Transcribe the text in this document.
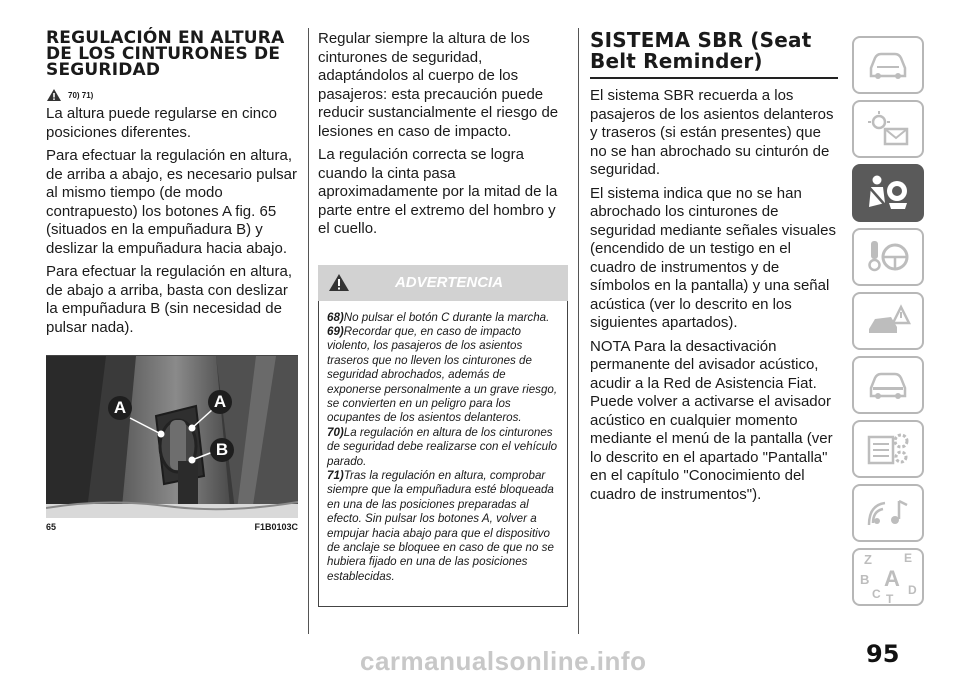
REGULACIÓN EN ALTURA DE LOS CINTURONES DE SEGURIDAD
70) 71)

La altura puede regularse en cinco posiciones diferentes.

Para efectuar la regulación en altura, de arriba a abajo, es necesario pulsar al mismo tiempo (de modo contrapuesto) los botones A fig. 65 (situados en la empuñadura B) y deslizar la empuñadura hacia abajo.

Para efectuar la regulación en altura, de abajo a arriba, basta con deslizar la empuñadura B (sin necesidad de pulsar nada).

A	A
B
65	F1B0103C

Regular siempre la altura de los cinturones de seguridad, adaptándolos al cuerpo de los pasajeros: esta precaución puede reducir sustancialmente el riesgo de lesiones en caso de impacto.

La regulación correcta se logra cuando la cinta pasa aproximadamente por la mitad de la parte entre el extremo del hombro y el cuello.

ADVERTENCIA

68)No pulsar el botón C durante la marcha.

69)Recordar que, en caso de impacto violento, los pasajeros de los asientos traseros que no lleven los cinturones de seguridad abrochados, además de exponerse personalmente a un grave riesgo, se convierten en un peligro para los ocupantes de los asientos delanteros.

70)La regulación en altura de los cinturones de seguridad debe realizarse con el vehículo parado.

71)Tras la regulación en altura, comprobar siempre que la empuñadura esté bloqueada en una de las posiciones preparadas al efecto. Sin pulsar los botones A, volver a empujar hacia abajo para que el dispositivo de anclaje se bloquee en caso de que no se hubiera fijado en una de las posiciones establecidas.

SISTEMA SBR (Seat Belt Reminder)

El sistema SBR recuerda a los pasajeros de los asientos delanteros y traseros (si están presentes) que no se han abrochado su cinturón de seguridad.

El sistema indica que no se han abrochado los cinturones de seguridad mediante señales visuales (encendido de un testigo en el cuadro de instrumentos y de símbolos en la pantalla) y una señal acústica (ver lo descrito en los siguientes apartados).

NOTA Para la desactivación permanente del avisador acústico, acudir a la Red de Asistencia Fiat. Puede volver a activarse el avisador acústico en cualquier momento mediante el menú de la pantalla (ver lo descrito en el apartado "Pantalla" en el capítulo "Conocimiento del cuadro de instrumentos").

Z	E
B A
C T
D
carmanualsonline.info	95
